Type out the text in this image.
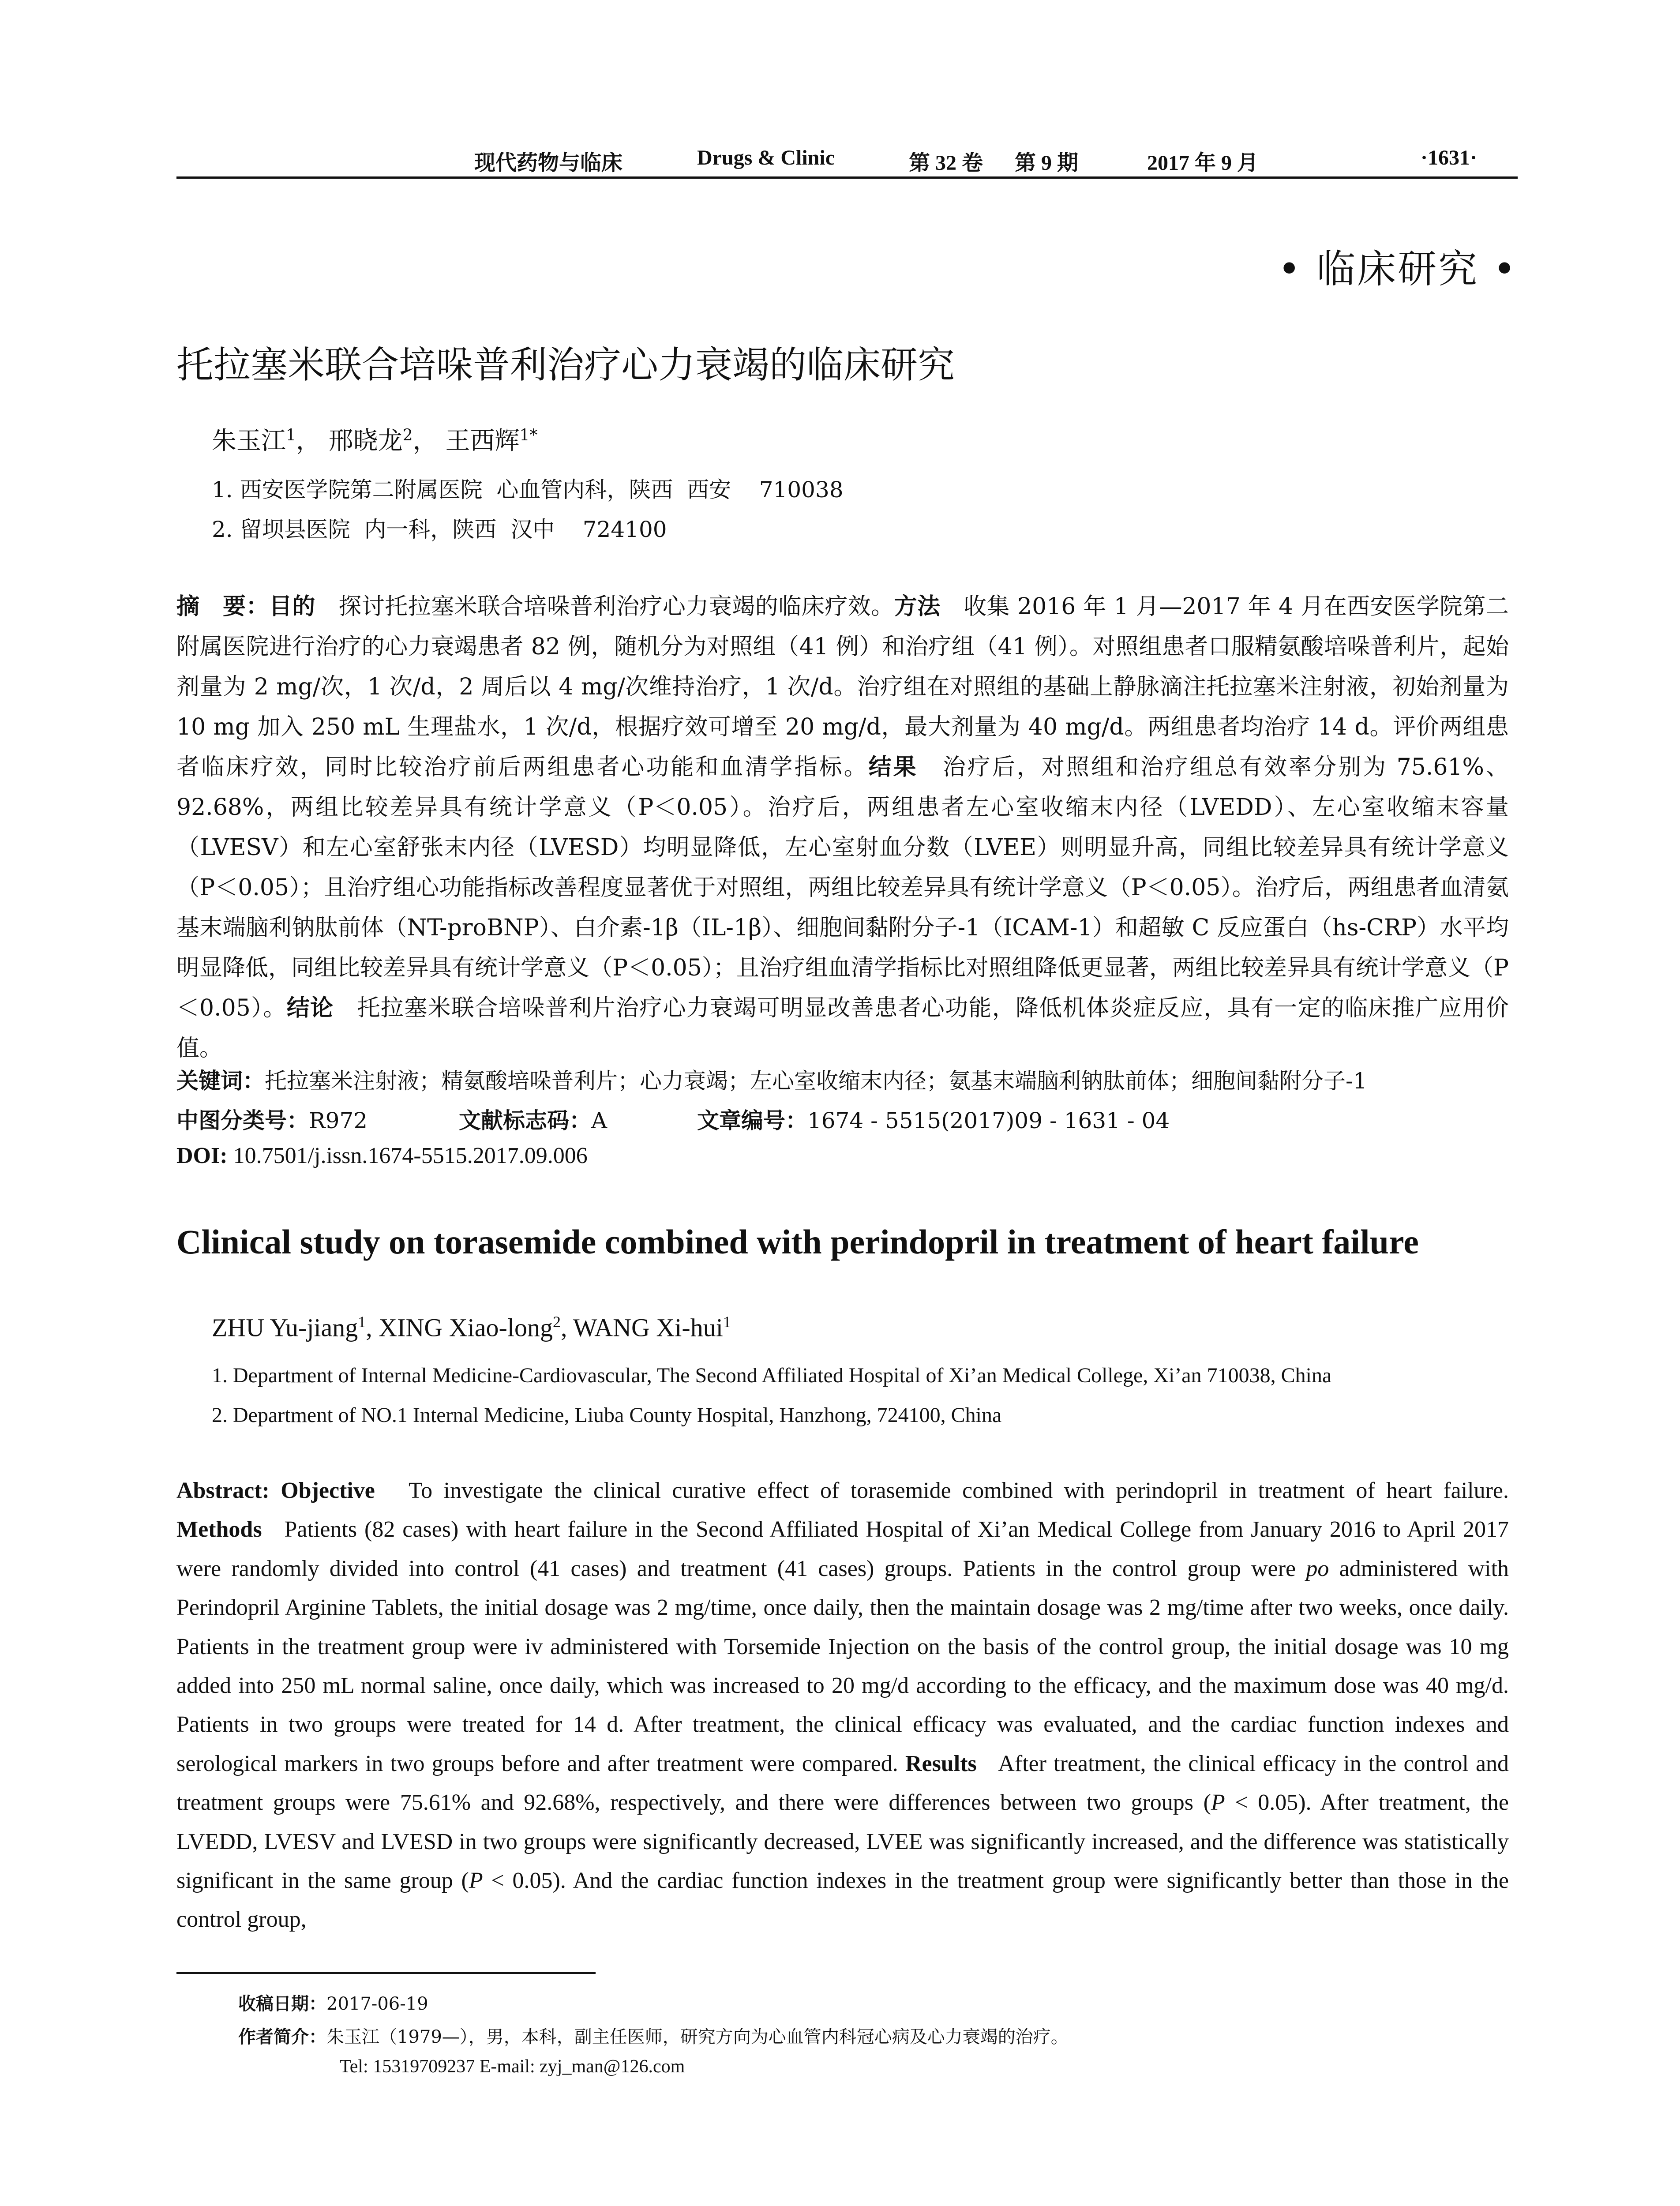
现代药物与临床	Drugs & Clinic	第 32 卷 第 9 期	2017 年 9 月	·1631·
• 临床研究 •
托拉塞米联合培哚普利治疗心力衰竭的临床研究
朱玉江$^1$， 邢晓龙$^2$， 王西辉$^{1*}$
1. 西安医学院第二附属医院  心血管内科，陕西  西安    710038
2. 留坝县医院  内一科，陕西  汉中    724100
摘　要：目的　 探讨托拉塞米联合培哚普利治疗心力衰竭的临床疗效。方法　 收集 2016 年 1 月—2017 年 4 月在西安医学院第二附属医院进行治疗的心力衰竭患者 82 例，随机分为对照组（41 例）和治疗组（41 例）。对照组患者口服精氨酸培哚普利片，起始剂量为 2 mg/次，1 次/d，2 周后以 4 mg/次维持治疗，1 次/d。治疗组在对照组的基础上静脉滴注托拉塞米注射液，初始剂量为 10 mg 加入 250 mL 生理盐水，1 次/d，根据疗效可增至 20 mg/d，最大剂量为 40 mg/d。两组患者均治疗 14 d。评价两组患者临床疗效，同时比较治疗前后两组患者心功能和血清学指标。结果　 治疗后，对照组和治疗组总有效率分别为 75.61%、92.68%，两组比较差异具有统计学意义（P＜0.05）。治疗后，两组患者左心室收缩末内径（LVEDD）、左心室收缩末容量（LVESV）和左心室舒张末内径（LVESD）均明显降低，左心室射血分数（LVEE）则明显升高，同组比较差异具有统计学意义（P＜0.05）；且治疗组心功能指标改善程度显著优于对照组，两组比较差异具有统计学意义（P＜0.05）。治疗后，两组患者血清氨基末端脑利钠肽前体（NT-proBNP）、白介素-1β（IL-1β）、细胞间黏附分子-1（ICAM-1）和超敏 C 反应蛋白（hs-CRP）水平均明显降低，同组比较差异具有统计学意义（P＜0.05）；且治疗组血清学指标比对照组降低更显著，两组比较差异具有统计学意义（P＜0.05）。结论　 托拉塞米联合培哚普利片治疗心力衰竭可明显改善患者心功能，降低机体炎症反应，具有一定的临床推广应用价值。
关键词：托拉塞米注射液；精氨酸培哚普利片；心力衰竭；左心室收缩末内径；氨基末端脑利钠肽前体；细胞间黏附分子-1
中图分类号：R972	文献标志码：A	文章编号：1674 - 5515(2017)09 - 1631 - 04
DOI: 10.7501/j.issn.1674-5515.2017.09.006
Clinical study on torasemide combined with perindopril in treatment of heart failure
ZHU Yu-jiang$^1$, XING Xiao-long$^2$, WANG Xi-hui$^1$
1. Department of Internal Medicine-Cardiovascular, The Second Affiliated Hospital of Xi’an Medical College, Xi’an 710038, China
2. Department of NO.1 Internal Medicine, Liuba County Hospital, Hanzhong, 724100, China
Abstract: Objective To investigate the clinical curative effect of torasemide combined with perindopril in treatment of heart failure. Methods Patients (82 cases) with heart failure in the Second Affiliated Hospital of Xi’an Medical College from January 2016 to April 2017 were randomly divided into control (41 cases) and treatment (41 cases) groups. Patients in the control group were po administered with Perindopril Arginine Tablets, the initial dosage was 2 mg/time, once daily, then the maintain dosage was 2 mg/time after two weeks, once daily. Patients in the treatment group were iv administered with Torsemide Injection on the basis of the control group, the initial dosage was 10 mg added into 250 mL normal saline, once daily, which was increased to 20 mg/d according to the efficacy, and the maximum dose was 40 mg/d. Patients in two groups were treated for 14 d. After treatment, the clinical efficacy was evaluated, and the cardiac function indexes and serological markers in two groups before and after treatment were compared. Results After treatment, the clinical efficacy in the control and treatment groups were 75.61% and 92.68%, respectively, and there were differences between two groups (P < 0.05). After treatment, the LVEDD, LVESV and LVESD in two groups were significantly decreased, LVEE was significantly increased, and the difference was statistically significant in the same group (P < 0.05). And the cardiac function indexes in the treatment group were significantly better than those in the control group,
收稿日期：2017-06-19
作者简介：朱玉江（1979—），男，本科，副主任医师，研究方向为心血管内科冠心病及心力衰竭的治疗。
Tel: 15319709237 E-mail: zyj_man@126.com
